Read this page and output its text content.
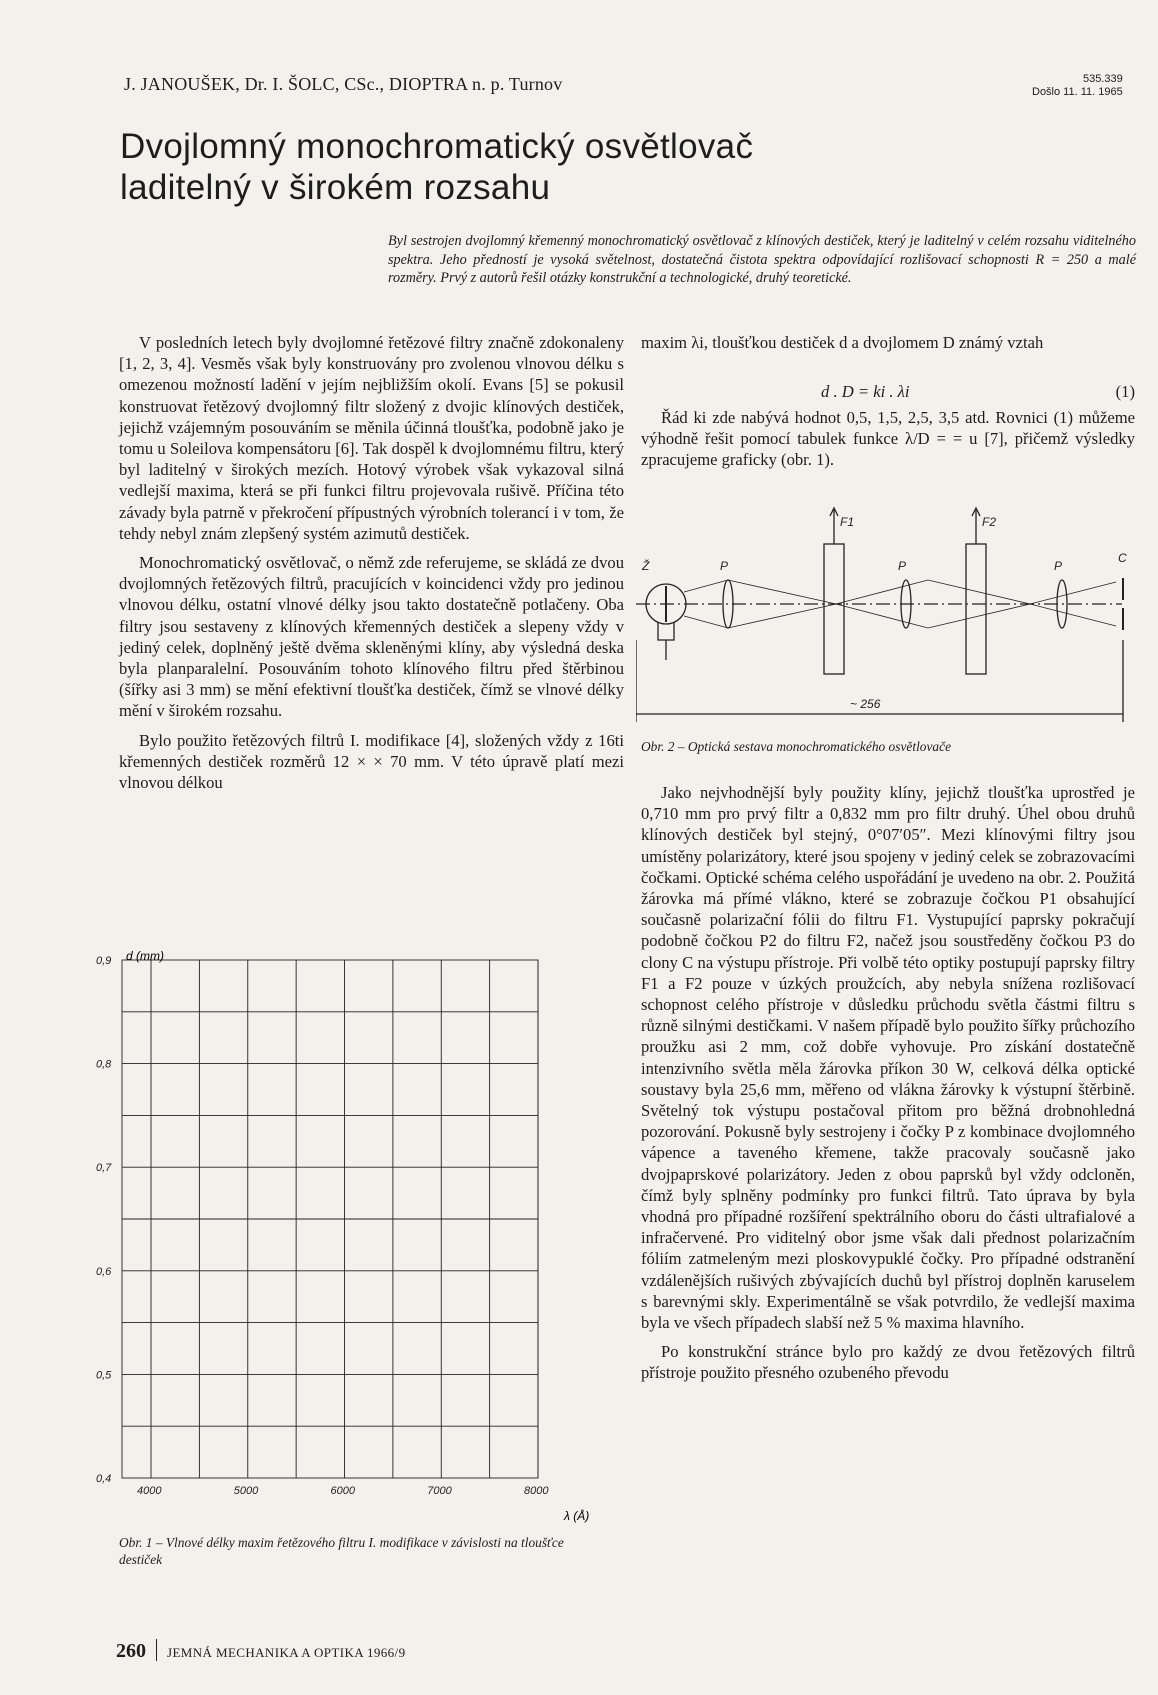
J. JANOUŠEK, Dr. I. ŠOLC, CSc., DIOPTRA n. p. Turnov	535.339
Došlo 11. 11. 1965
Dvojlomný monochromatický osvětlovač laditelný v širokém rozsahu
Byl sestrojen dvojlomný křemenný monochromatický osvětlovač z klínových destiček, který je laditelný v celém rozsahu viditelného spektra. Jeho předností je vysoká světelnost, dostatečná čistota spektra odpovídající rozlišovací schopnosti R = 250 a malé rozměry. Prvý z autorů řešil otázky konstrukční a technologické, druhý teoretické.

V posledních letech byly dvojlomné řetězové filtry značně zdokonaleny [1, 2, 3, 4]. Vesměs však byly konstruovány pro zvolenou vlnovou délku s omezenou možností ladění v jejím nejbližším okolí. Evans [5] se pokusil konstruovat řetězový dvojlomný filtr složený z dvojic klínových destiček, jejichž vzájemným posouváním se měnila účinná tloušťka, podobně jako je tomu u Soleilova kompensátoru [6]. Tak dospěl k dvojlomnému filtru, který byl laditelný v širokých mezích. Hotový výrobek však vykazoval silná vedlejší maxima, která se při funkci filtru projevovala rušivě. Příčina této závady byla patrně v překročení přípustných výrobních tolerancí i v tom, že tehdy nebyl znám zlepšený systém azimutů destiček.

Monochromatický osvětlovač, o němž zde referujeme, se skládá ze dvou dvojlomných řetězových filtrů, pracujících v koincidenci vždy pro jedinou vlnovou délku, ostatní vlnové délky jsou takto dostatečně potlačeny. Oba filtry jsou sestaveny z klínových křemenných destiček a slepeny vždy v jediný celek, doplněný ještě dvěma skleněnými klíny, aby výsledná deska byla planparalelní. Posouváním tohoto klínového filtru před štěrbinou (šířky asi 3 mm) se mění efektivní tloušťka destiček, čímž se vlnové délky mění v širokém rozsahu.

Bylo použito řetězových filtrů I. modifikace [4], složených vždy z 16ti křemenných destiček rozměrů 12 × × 70 mm. V této úpravě platí mezi vlnovou délkou

maxim λi, tloušťkou destiček d a dvojlomem D známý vztah

d . D = ki . λi	(1)

Řád ki zde nabývá hodnot 0,5, 1,5, 2,5, 3,5 atd. Rovnici (1) můžeme výhodně řešit pomocí tabulek funkce λ/D = = u [7], přičemž výsledky zpracujeme graficky (obr. 1).

Ž	P
F1
P
F2
P
C
~ 256
Obr. 2 – Optická sestava monochromatického osvětlovače

Jako nejvhodnější byly použity klíny, jejichž tloušťka uprostřed je 0,710 mm pro prvý filtr a 0,832 mm pro filtr druhý. Úhel obou druhů klínových destiček byl stejný, 0°07′05″. Mezi klínovými filtry jsou umístěny polarizátory, které jsou spojeny v jediný celek se zobrazovacími čočkami. Optické schéma celého uspořádání je uvedeno na obr. 2. Použitá žárovka má přímé vlákno, které se zobrazuje čočkou P1 obsahující současně polarizační fólii do filtru F1. Vystupující paprsky pokračují podobně čočkou P2 do filtru F2, načež jsou soustředěny čočkou P3 do clony C na výstupu přístroje. Při volbě této optiky postupují paprsky filtry F1 a F2 pouze v úzkých proužcích, aby nebyla snížena rozlišovací schopnost celého přístroje v důsledku průchodu světla částmi filtru s různě silnými destičkami. V našem případě bylo použito šířky průchozího proužku asi 2 mm, což dobře vyhovuje. Pro získání dostatečně intenzivního světla měla žárovka příkon 30 W, celková délka optické soustavy byla 25,6 mm, měřeno od vlákna žárovky k výstupní štěrbině. Světelný tok výstupu postačoval přitom pro běžná drobnohledná pozorování. Pokusně byly sestrojeny i čočky P z kombinace dvojlomného vápence a taveného křemene, takže pracovaly současně jako dvojpaprskové polarizátory. Jeden z obou paprsků byl vždy odcloněn, čímž byly splněny podmínky pro funkci filtrů. Tato úprava by byla vhodná pro případné rozšíření spektrálního oboru do části ultrafialové a infračervené. Pro viditelný obor jsme však dali přednost polarizačním fóliím zatmeleným mezi ploskovypuklé čočky. Pro případné odstranění vzdálenějších rušivých zbývajících duchů byl přístroj doplněn karuselem s barevnými skly. Experimentálně se však potvrdilo, že vedlejší maxima byla ve všech případech slabší než 5 % maxima hlavního.

Po konstrukční stránce bylo pro každý ze dvou řetězových filtrů přístroje použito přesného ozubeného převodu

4000	5000	6000	7000	8000
0,9
0,8
0,7
0,6
0,5
0,4
d (mm)
λ (Å)
Obr. 1 – Vlnové délky maxim řetězového filtru I. modifikace v závislosti na tloušťce destiček
260 JEMNÁ MECHANIKA A OPTIKA 1966/9
